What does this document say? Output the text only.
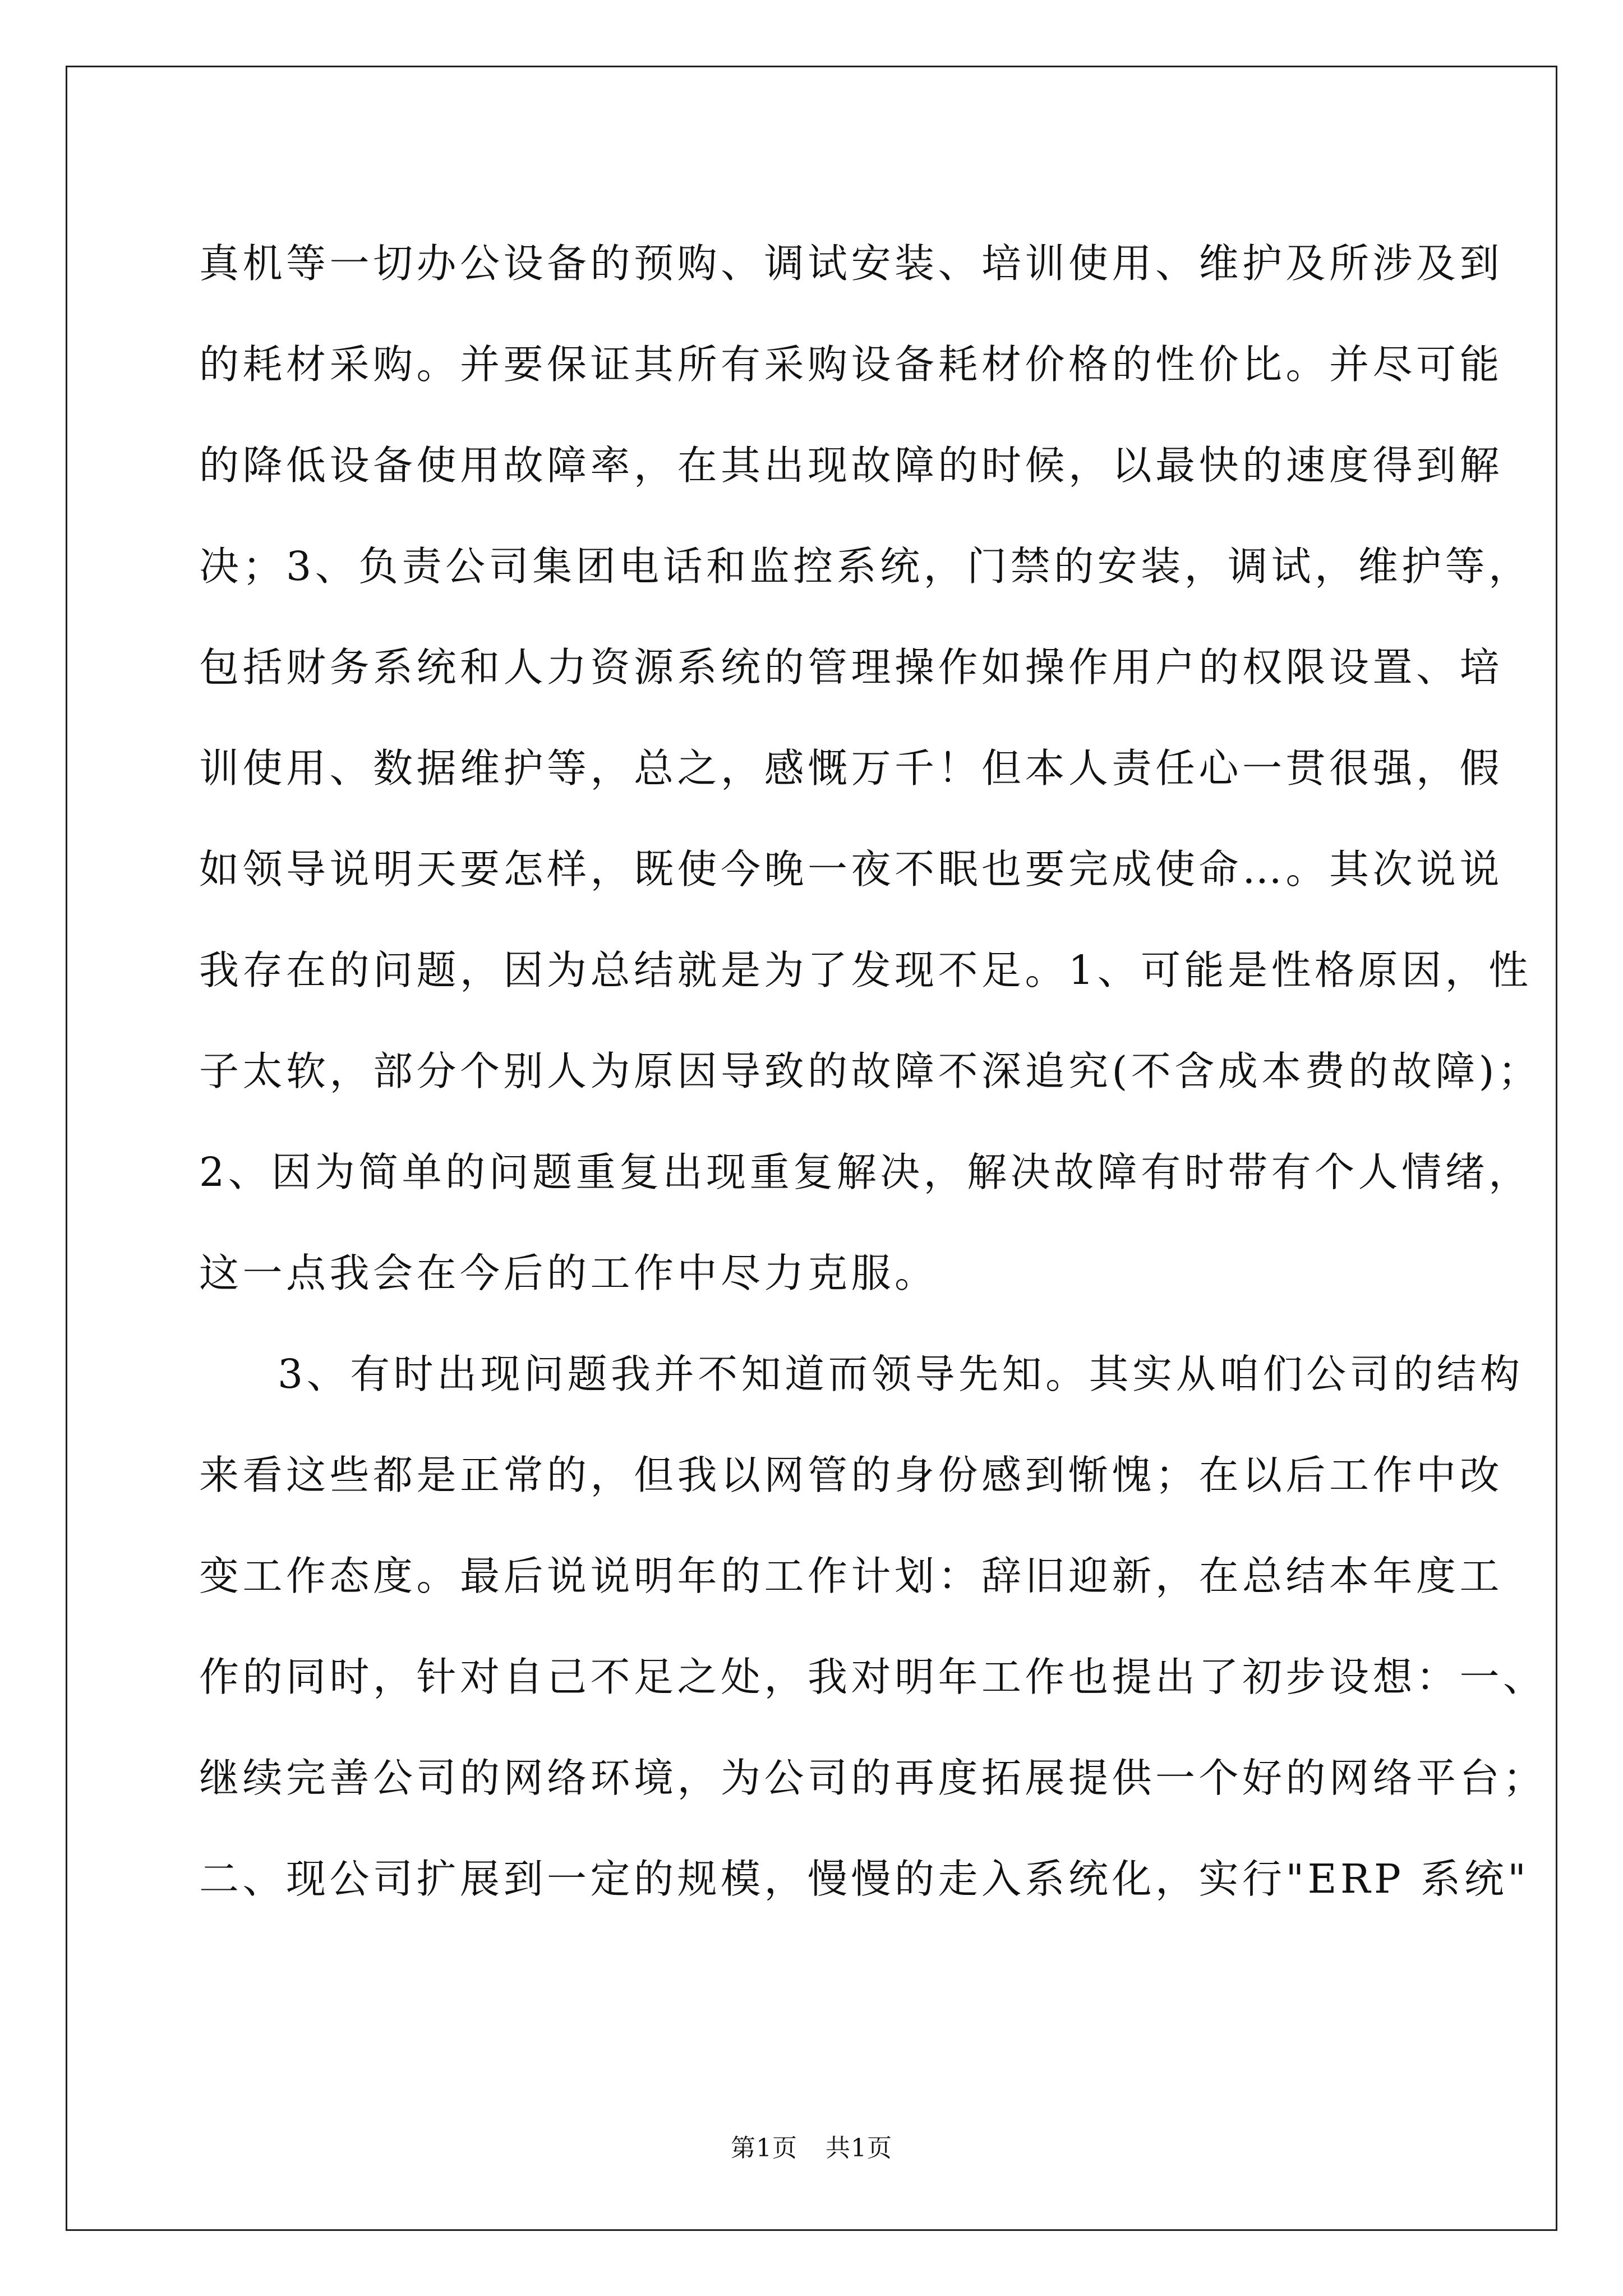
真机等一切办公设备的预购、调试安装、培训使用、维护及所涉及到
的耗材采购。并要保证其所有采购设备耗材价格的性价比。并尽可能
的降低设备使用故障率，在其出现故障的时候，以最快的速度得到解
决；3、负责公司集团电话和监控系统，门禁的安装，调试，维护等，
包括财务系统和人力资源系统的管理操作如操作用户的权限设置、培
训使用、数据维护等，总之，感慨万千！但本人责任心一贯很强，假
如领导说明天要怎样，既使今晚一夜不眠也要完成使命…。其次说说
我存在的问题，因为总结就是为了发现不足。1、可能是性格原因，性
子太软，部分个别人为原因导致的故障不深追究(不含成本费的故障)；
2、因为简单的问题重复出现重复解决，解决故障有时带有个人情绪，
这一点我会在今后的工作中尽力克服。
3、有时出现问题我并不知道而领导先知。其实从咱们公司的结构
来看这些都是正常的，但我以网管的身份感到惭愧；在以后工作中改
变工作态度。最后说说明年的工作计划：辞旧迎新，在总结本年度工
作的同时，针对自己不足之处，我对明年工作也提出了初步设想：一、
继续完善公司的网络环境，为公司的再度拓展提供一个好的网络平台；
二、现公司扩展到一定的规模，慢慢的走入系统化，实行"ERP 系统"
第1页 共1页
